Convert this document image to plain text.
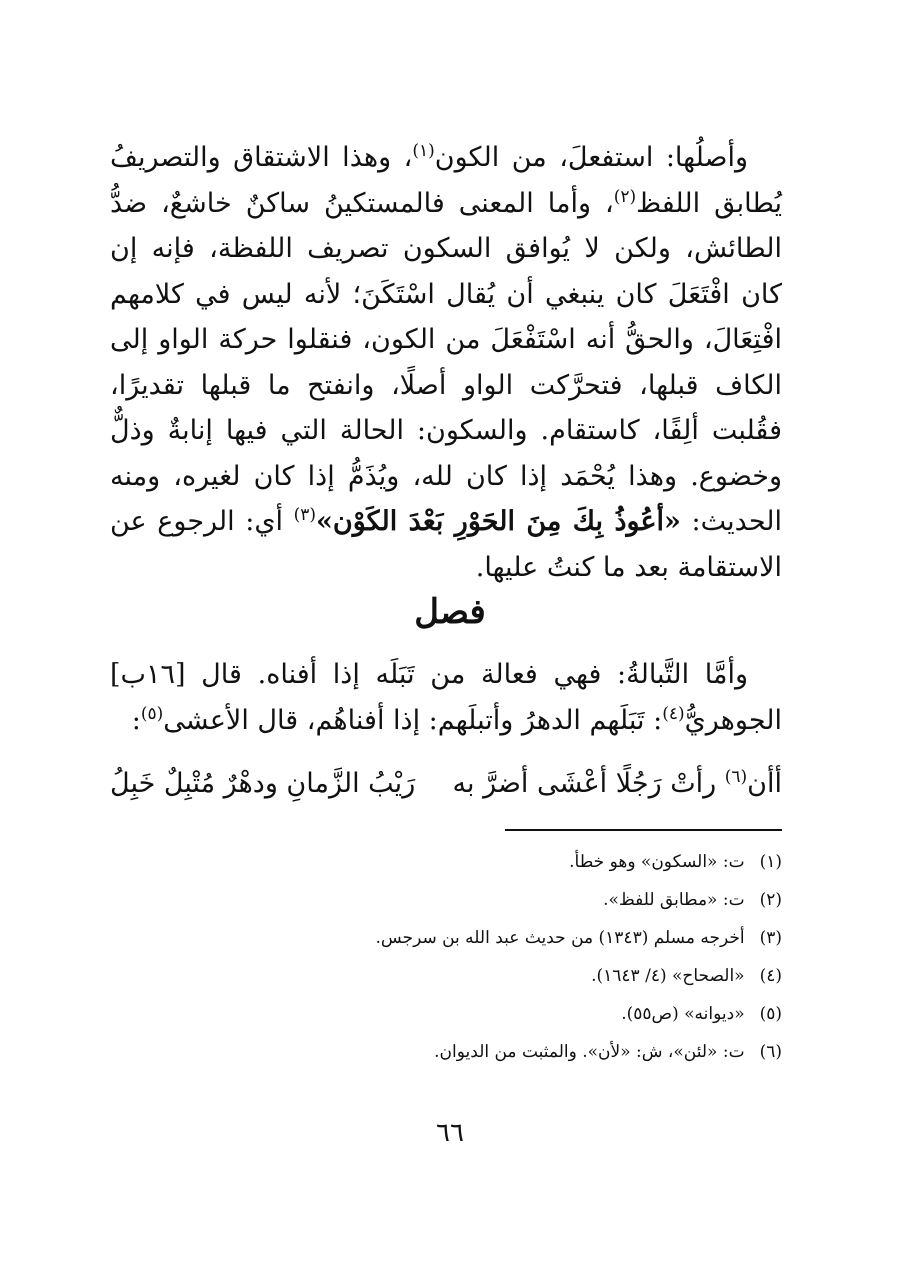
وأصلُها: استفعلَ، من الكون$^{(١)}$، وهذا الاشتقاق والتصريفُ يُطابق اللفظ$^{(٢)}$، وأما المعنى فالمستكينُ ساكنٌ خاشعٌ، ضدُّ الطائش، ولكن لا يُوافق السكون تصريف اللفظة، فإنه إن كان افْتَعَلَ كان ينبغي أن يُقال اسْتَكَنَ؛ لأنه ليس في كلامهم افْتِعَالَ، والحقُّ أنه اسْتَفْعَلَ من الكون، فنقلوا حركة الواو إلى الكاف قبلها، فتحرَّكت الواو أصلًا، وانفتح ما قبلها تقديرًا، فقُلبت ألِفًا، كاستقام. والسكون: الحالة التي فيها إنابةٌ وذلٌّ وخضوع. وهذا يُحْمَد إذا كان لله، ويُذَمُّ إذا كان لغيره، ومنه الحديث: «أعُوذُ بِكَ مِنَ الحَوْرِ بَعْدَ الكَوْن»$^{(٣)}$ أي: الرجوع عن الاستقامة بعد ما كنتُ عليها.

فصل

وأمَّا التَّبالةُ: فهي فعالة من تَبَلَه إذا أفناه. قال [١٦ب] الجوهريُّ$^{(٤)}$: تَبَلَهم الدهرُ وأتبلَهم: إذا أفناهُم، قال الأعشى$^{(٥)}$:

أأن$^{(٦)}$ رأتْ رَجُلًا أعْشَى أضرَّ به
رَيْبُ الزَّمانِ ودهْرٌ مُتْبِلٌ خَبِلُ
(١) ت: «السكون» وهو خطأ.
(٢) ت: «مطابق للفظ».
(٣) أخرجه مسلم (١٣٤٣) من حديث عبد الله بن سرجس.
(٤) «الصحاح» (٤/ ١٦٤٣).
(٥) «ديوانه» (ص٥٥).
(٦) ت: «لئن»، ش: «لأن». والمثبت من الديوان.

٦٦
